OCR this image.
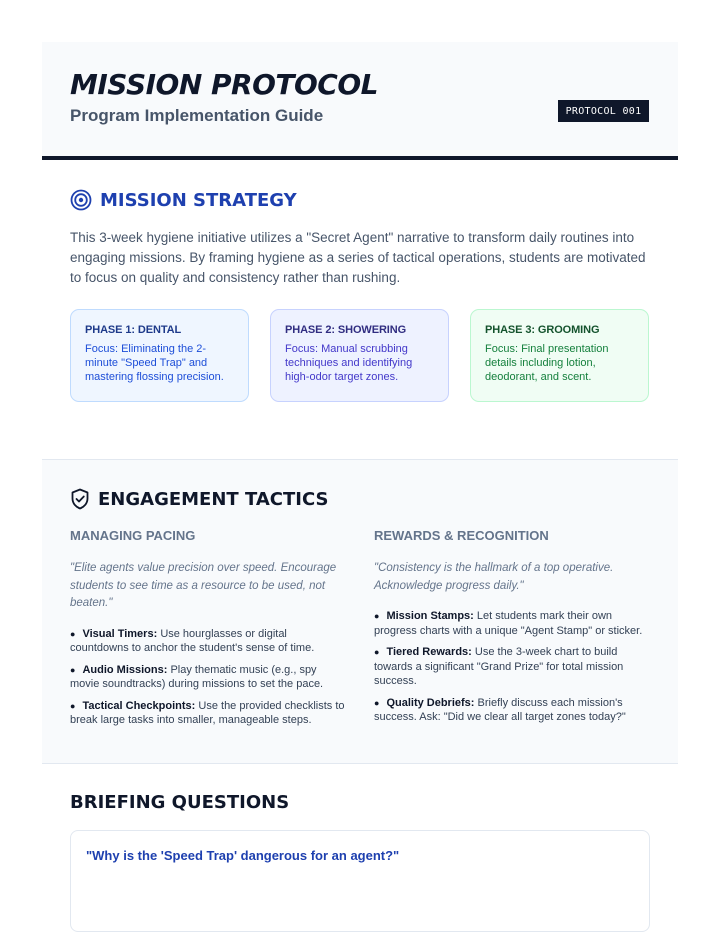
MISSION PROTOCOL
Program Implementation Guide	PROTOCOL 001
MISSION STRATEGY

This 3-week hygiene initiative utilizes a "Secret Agent" narrative to transform daily routines into engaging missions. By framing hygiene as a series of tactical operations, students are motivated to focus on quality and consistency rather than rushing.

PHASE 1: DENTAL
Focus: Eliminating the 2-minute "Speed Trap" and mastering flossing precision.
PHASE 2: SHOWERING
Focus: Manual scrubbing techniques and identifying high-odor target zones.
PHASE 3: GROOMING
Focus: Final presentation details including lotion, deodorant, and scent.
ENGAGEMENT TACTICS
MANAGING PACING

"Elite agents value precision over speed. Encourage students to see time as a resource to be used, not beaten."

● Visual Timers: Use hourglasses or digital countdowns to anchor the student's sense of time.
● Audio Missions: Play thematic music (e.g., spy movie soundtracks) during missions to set the pace.
● Tactical Checkpoints: Use the provided checklists to break large tasks into smaller, manageable steps.
REWARDS & RECOGNITION

"Consistency is the hallmark of a top operative. Acknowledge progress daily."

● Mission Stamps: Let students mark their own progress charts with a unique "Agent Stamp" or sticker.
● Tiered Rewards: Use the 3-week chart to build towards a significant "Grand Prize" for total mission success.
● Quality Debriefs: Briefly discuss each mission's success. Ask: "Did we clear all target zones today?"
BRIEFING QUESTIONS
"Why is the 'Speed Trap' dangerous for an agent?"
